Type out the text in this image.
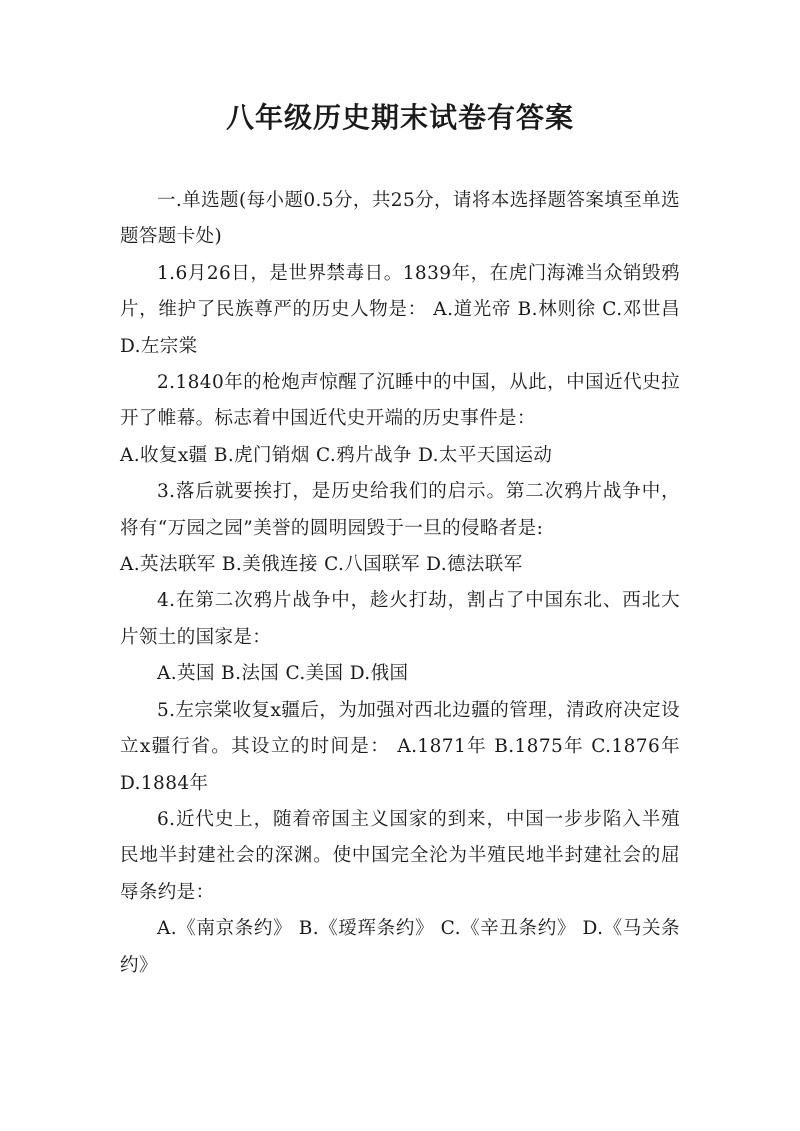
八年级历史期末试卷有答案

一.单选题(每小题0.5分，共25分，请将本选择题答案填至单选题答题卡处)

1.6月26日，是世界禁毒日。1839年，在虎门海滩当众销毁鸦片，维护了民族尊严的历史人物是： A.道光帝 B.林则徐 C.邓世昌 D.左宗棠

2.1840年的枪炮声惊醒了沉睡中的中国，从此，中国近代史拉开了帷幕。标志着中国近代史开端的历史事件是：

A.收复x疆 B.虎门销烟 C.鸦片战争 D.太平天国运动

3.落后就要挨打，是历史给我们的启示。第二次鸦片战争中，将有“万园之园”美誉的圆明园毁于一旦的侵略者是:

A.英法联军 B.美俄连接 C.八国联军 D.德法联军

4.在第二次鸦片战争中，趁火打劫，割占了中国东北、西北大片领土的国家是：

A.英国 B.法国 C.美国 D.俄国

5.左宗棠收复x疆后，为加强对西北边疆的管理，清政府决定设立x疆行省。其设立的时间是： A.1871年 B.1875年 C.1876年 D.1884年

6.近代史上，随着帝国主义国家的到来，中国一步步陷入半殖民地半封建社会的深渊。使中国完全沦为半殖民地半封建社会的屈辱条约是：

A.《南京条约》 B.《瑷珲条约》 C.《辛丑条约》 D.《马关条约》
